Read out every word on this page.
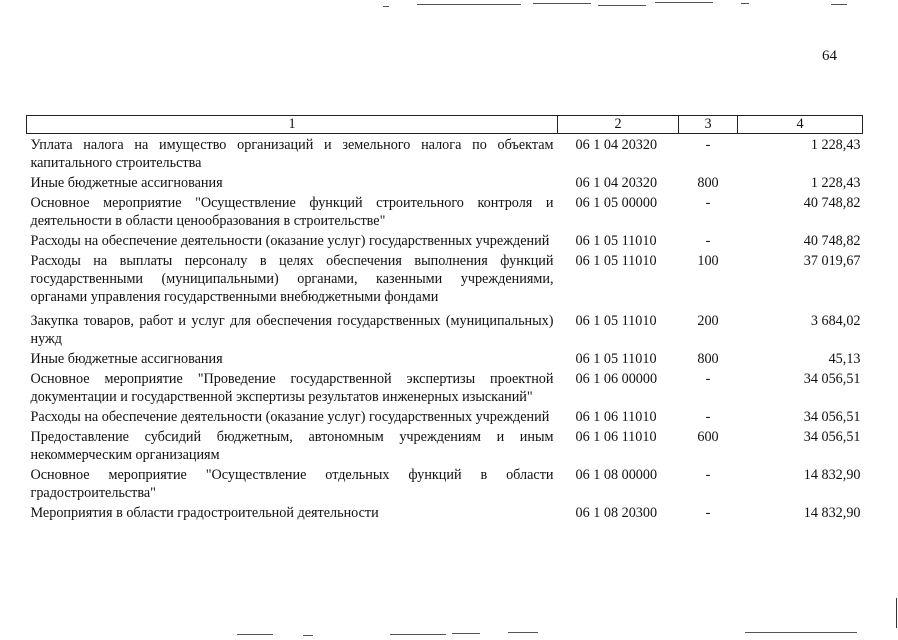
64
1	2	3	4
Уплата налога на имущество организаций и земельного налога по объектам капитального строительства	06 1 04 20320	-	1 228,43
Иные бюджетные ассигнования	06 1 04 20320	800	1 228,43
Основное мероприятие "Осуществление функций строительного контроля и деятельности в области ценообразования в строительстве"	06 1 05 00000	-	40 748,82
Расходы на обеспечение деятельности (оказание услуг) государственных учреждений	06 1 05 11010	-	40 748,82
Расходы на выплаты персоналу в целях обеспечения выполнения функций государственными (муниципальными) органами, казенными учреждениями, органами управления государственными внебюджетными фондами	06 1 05 11010	100	37 019,67
Закупка товаров, работ и услуг для обеспечения государственных (муниципальных) нужд	06 1 05 11010	200	3 684,02
Иные бюджетные ассигнования	06 1 05 11010	800	45,13
Основное мероприятие "Проведение государственной экспертизы проектной документации и государственной экспертизы результатов инженерных изысканий"	06 1 06 00000	-	34 056,51
Расходы на обеспечение деятельности (оказание услуг) государственных учреждений	06 1 06 11010	-	34 056,51
Предоставление субсидий бюджетным, автономным учреждениям и иным некоммерческим организациям	06 1 06 11010	600	34 056,51
Основное мероприятие "Осуществление отдельных функций в области градостроительства"	06 1 08 00000	-	14 832,90
Мероприятия в области градостроительной деятельности	06 1 08 20300	-	14 832,90
